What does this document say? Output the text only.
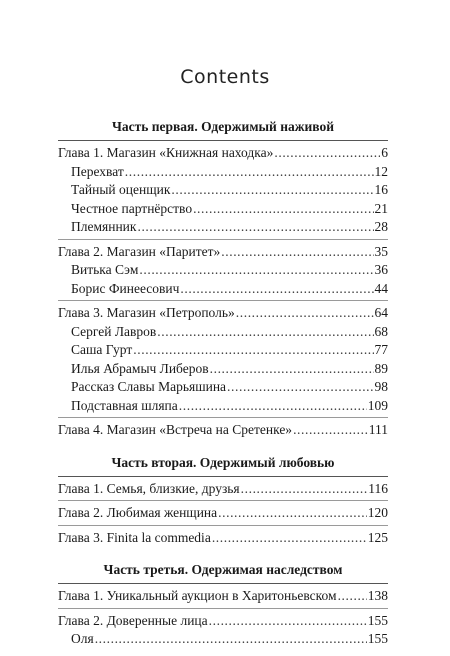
Contents
Часть первая. Одержимый наживой
Глава 1. Магазин «Книжная находка» .....	6
Перехват .....	12
Тайный оценщик .....	16
Честное партнёрство .....	21
Племянник .....	28
Глава 2. Магазин «Паритет» .....	35
Витька Сэм .....	36
Борис Финеесович .....	44
Глава 3. Магазин «Петрополь» .....	64
Сергей Лавров .....	68
Саша Гурт .....	77
Илья Абрамыч Либеров .....	89
Рассказ Славы Марьяшина .....	98
Подставная шляпа .....	109
Глава 4. Магазин «Встреча на Сретенке» .....	111
Часть вторая. Одержимый любовью
Глава 1. Семья, близкие, друзья .....	116
Глава 2. Любимая женщина .....	120
Глава 3. Finita la commedia .....	125
Часть третья. Одержимая наследством
Глава 1. Уникальный аукцион в Харитоньевском ..... 138
Глава 2. Доверенные лица .....	155
Оля .....	155
